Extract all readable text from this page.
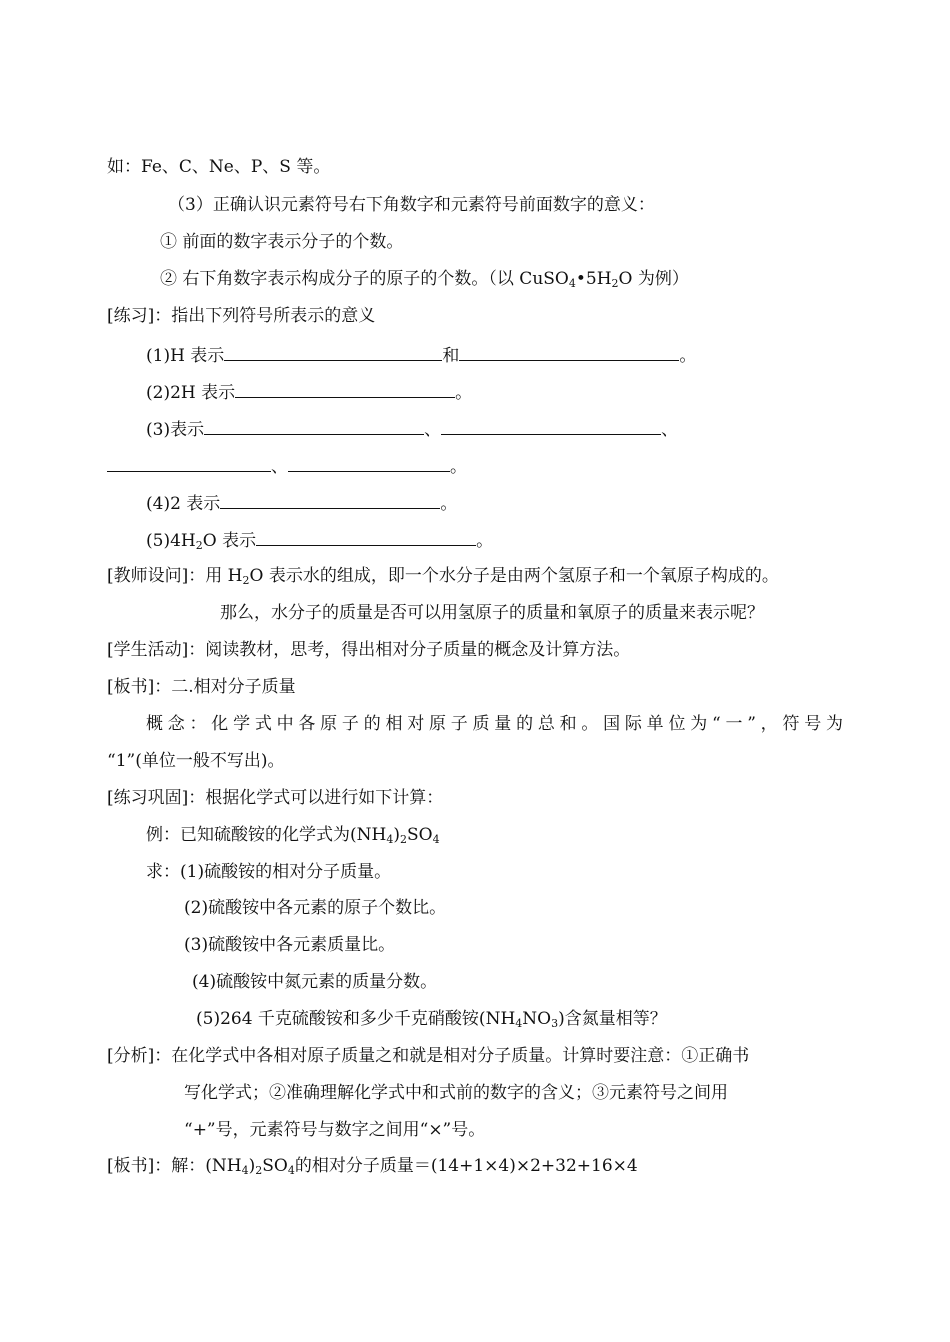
如：Fe、C、Ne、P、S 等。
（3）正确认识元素符号右下角数字和元素符号前面数字的意义：
① 前面的数字表示分子的个数。
② 右下角数字表示构成分子的原子的个数。（以 $CuSO_4•5H_2O$ 为例）
[练习]：指出下列符号所表示的意义
(1)H 表示	和	。
(2)2H 表示	。
(3)表示	、	、
、	。
(4)2 表示	。
$(5)4H_2O$ 表示	。
[教师设问]：用 $H_2O$ 表示水的组成，即一个水分子是由两个氢原子和一个氧原子构成的。
那么，水分子的质量是否可以用氢原子的质量和氧原子的质量来表示呢？
[学生活动]：阅读教材，思考，得出相对分子质量的概念及计算方法。
[板书]：二.相对分子质量
概念：化学式中各原子的相对原子质量的总和。国际单位为“一”，符号为
“1”(单位一般不写出)。
[练习巩固]：根据化学式可以进行如下计算：
例：已知硫酸铵的化学式为$(NH_4)_2SO_4$
求：(1)硫酸铵的相对分子质量。
(2)硫酸铵中各元素的原子个数比。
(3)硫酸铵中各元素质量比。
(4)硫酸铵中氮元素的质量分数。
(5)264 千克硫酸铵和多少千克硝酸铵$(NH_4NO_3)$含氮量相等？
[分析]：在化学式中各相对原子质量之和就是相对分子质量。计算时要注意：①正确书
写化学式；②准确理解化学式中和式前的数字的含义；③元素符号之间用
“+”号，元素符号与数字之间用“×”号。
[板书]：解：$(NH_4)_2SO_4$的相对分子质量＝(14+1×4)×2+32+16×4
